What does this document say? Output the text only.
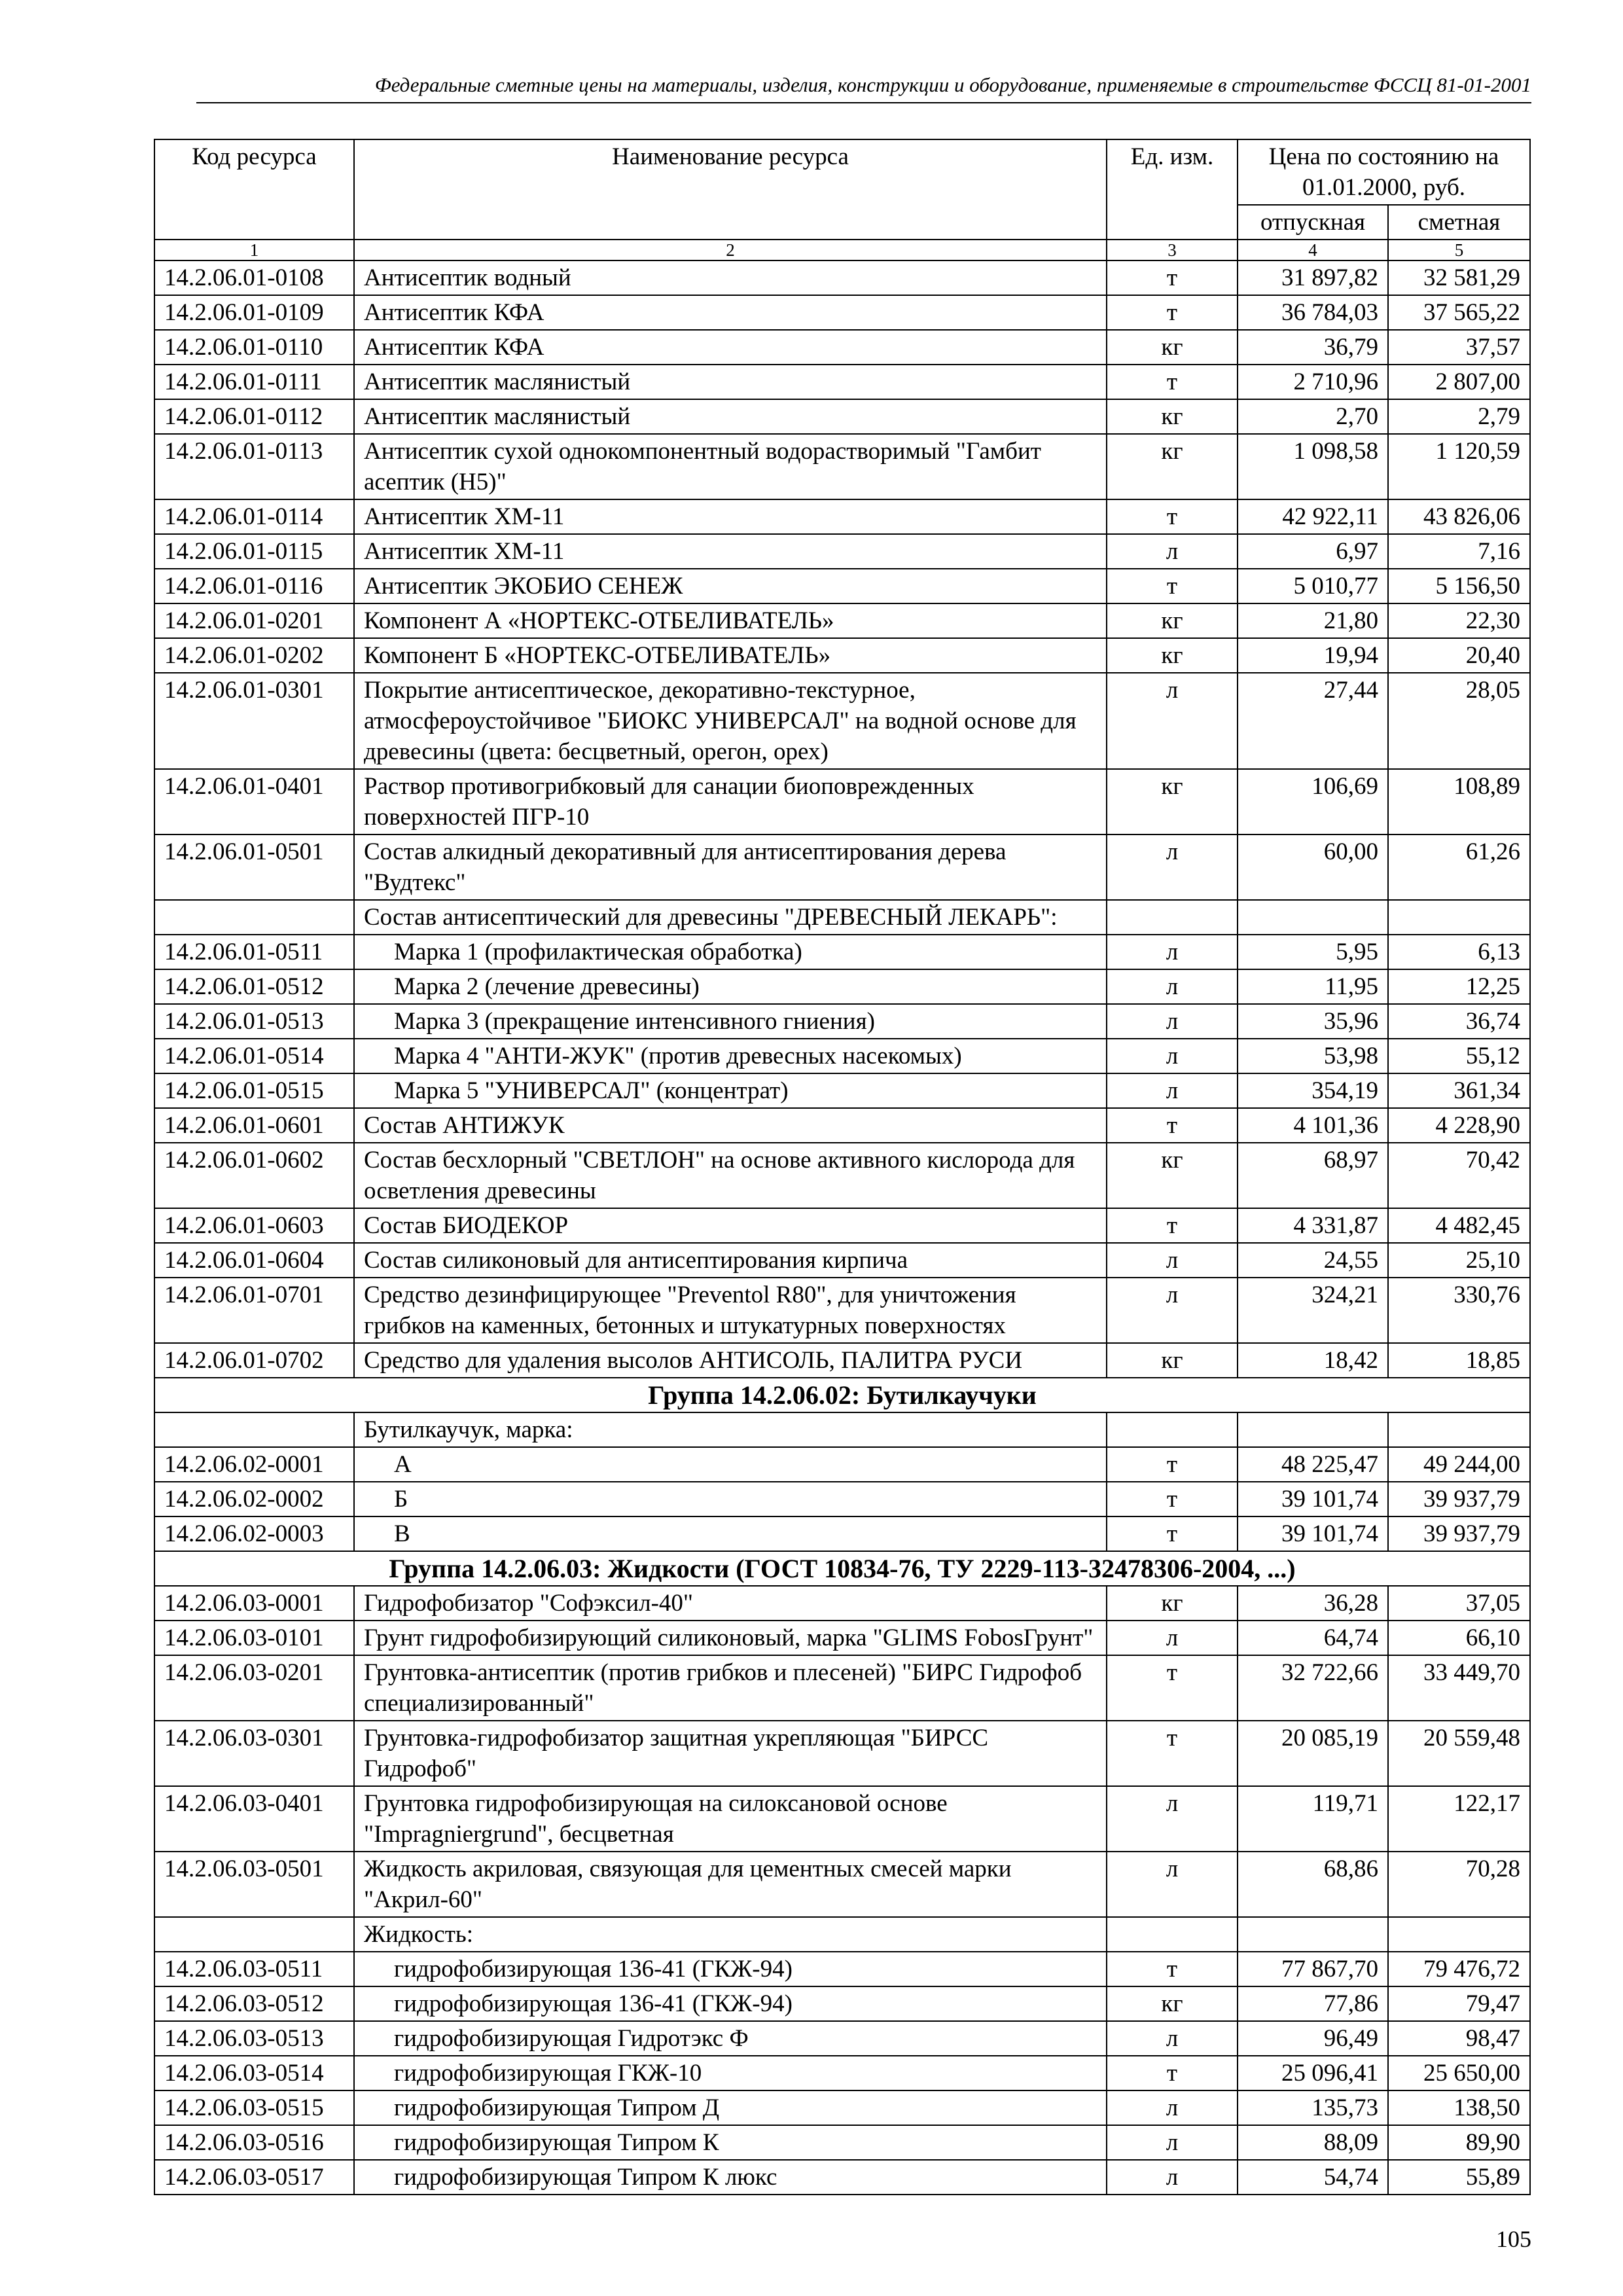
Федеральные сметные цены на материалы, изделия, конструкции и оборудование, применяемые в строительстве ФССЦ 81-01-2001
Код ресурса	Наименование ресурса	Ед. изм.	Цена по состоянию на 01.01.2000, руб.	
			отпускная	сметная
1	2	3	4	5
14.2.06.01-0108	Антисептик водный	т	31 897,82	32 581,29
14.2.06.01-0109	Антисептик КФА	т	36 784,03	37 565,22
14.2.06.01-0110	Антисептик КФА	кг	36,79	37,57
14.2.06.01-0111	Антисептик маслянистый	т	2 710,96	2 807,00
14.2.06.01-0112	Антисептик маслянистый	кг	2,70	2,79
14.2.06.01-0113	Антисептик сухой однокомпонентный водорастворимый "Гамбит асептик (Н5)"	кг	1 098,58	1 120,59
14.2.06.01-0114	Антисептик ХМ-11	т	42 922,11	43 826,06
14.2.06.01-0115	Антисептик ХМ-11	л	6,97	7,16
14.2.06.01-0116	Антисептик ЭКОБИО СЕНЕЖ	т	5 010,77	5 156,50
14.2.06.01-0201	Компонент А «НОРТЕКС-ОТБЕЛИВАТЕЛЬ»	кг	21,80	22,30
14.2.06.01-0202	Компонент Б «НОРТЕКС-ОТБЕЛИВАТЕЛЬ»	кг	19,94	20,40
14.2.06.01-0301	Покрытие антисептическое, декоративно-текстурное, атмосфероустойчивое "БИОКС УНИВЕРСАЛ" на водной основе для древесины (цвета: бесцветный, орегон, орех)	л	27,44	28,05
14.2.06.01-0401	Раствор противогрибковый для санации биоповрежденных поверхностей ПГР-10	кг	106,69	108,89
14.2.06.01-0501	Состав алкидный декоративный для антисептирования дерева "Вудтекс"	л	60,00	61,26
	Состав антисептический для древесины "ДРЕВЕСНЫЙ ЛЕКАРЬ":			
14.2.06.01-0511	Марка 1 (профилактическая обработка)	л	5,95	6,13
14.2.06.01-0512	Марка 2 (лечение древесины)	л	11,95	12,25
14.2.06.01-0513	Марка 3 (прекращение интенсивного гниения)	л	35,96	36,74
14.2.06.01-0514	Марка 4 "АНТИ-ЖУК" (против древесных насекомых)	л	53,98	55,12
14.2.06.01-0515	Марка 5 "УНИВЕРСАЛ" (концентрат)	л	354,19	361,34
14.2.06.01-0601	Состав АНТИЖУК	т	4 101,36	4 228,90
14.2.06.01-0602	Состав бесхлорный "СВЕТЛОН" на основе активного кислорода для осветления древесины	кг	68,97	70,42
14.2.06.01-0603	Состав БИОДЕКОР	т	4 331,87	4 482,45
14.2.06.01-0604	Состав силиконовый для антисептирования кирпича	л	24,55	25,10
14.2.06.01-0701	Средство дезинфицирующее "Preventol R80", для уничтожения грибков на каменных, бетонных и штукатурных поверхностях	л	324,21	330,76
14.2.06.01-0702	Средство для удаления высолов АНТИСОЛЬ, ПАЛИТРА РУСИ	кг	18,42	18,85
Группа 14.2.06.02: Бутилкаучуки				
	Бутилкаучук, марка:			
14.2.06.02-0001	А	т	48 225,47	49 244,00
14.2.06.02-0002	Б	т	39 101,74	39 937,79
14.2.06.02-0003	В	т	39 101,74	39 937,79
Группа 14.2.06.03: Жидкости (ГОСТ 10834-76, ТУ 2229-113-32478306-2004, ...)				
14.2.06.03-0001	Гидрофобизатор "Софэксил-40"	кг	36,28	37,05
14.2.06.03-0101	Грунт гидрофобизирующий силиконовый, марка "GLIMS FobosГрунт"	л	64,74	66,10
14.2.06.03-0201	Грунтовка-антисептик (против грибков и плесеней) "БИРС Гидрофоб специализированный"	т	32 722,66	33 449,70
14.2.06.03-0301	Грунтовка-гидрофобизатор защитная укрепляющая "БИРСС Гидрофоб"	т	20 085,19	20 559,48
14.2.06.03-0401	Грунтовка гидрофобизирующая на силоксановой основе "Impragniergrund", бесцветная	л	119,71	122,17
14.2.06.03-0501	Жидкость акриловая, связующая для цементных смесей марки "Акрил-60"	л	68,86	70,28
	Жидкость:			
14.2.06.03-0511	гидрофобизирующая 136-41 (ГКЖ-94)	т	77 867,70	79 476,72
14.2.06.03-0512	гидрофобизирующая 136-41 (ГКЖ-94)	кг	77,86	79,47
14.2.06.03-0513	гидрофобизирующая Гидротэкс Ф	л	96,49	98,47
14.2.06.03-0514	гидрофобизирующая ГКЖ-10	т	25 096,41	25 650,00
14.2.06.03-0515	гидрофобизирующая Типром Д	л	135,73	138,50
14.2.06.03-0516	гидрофобизирующая Типром К	л	88,09	89,90
14.2.06.03-0517	гидрофобизирующая Типром К люкс	л	54,74	55,89
105
